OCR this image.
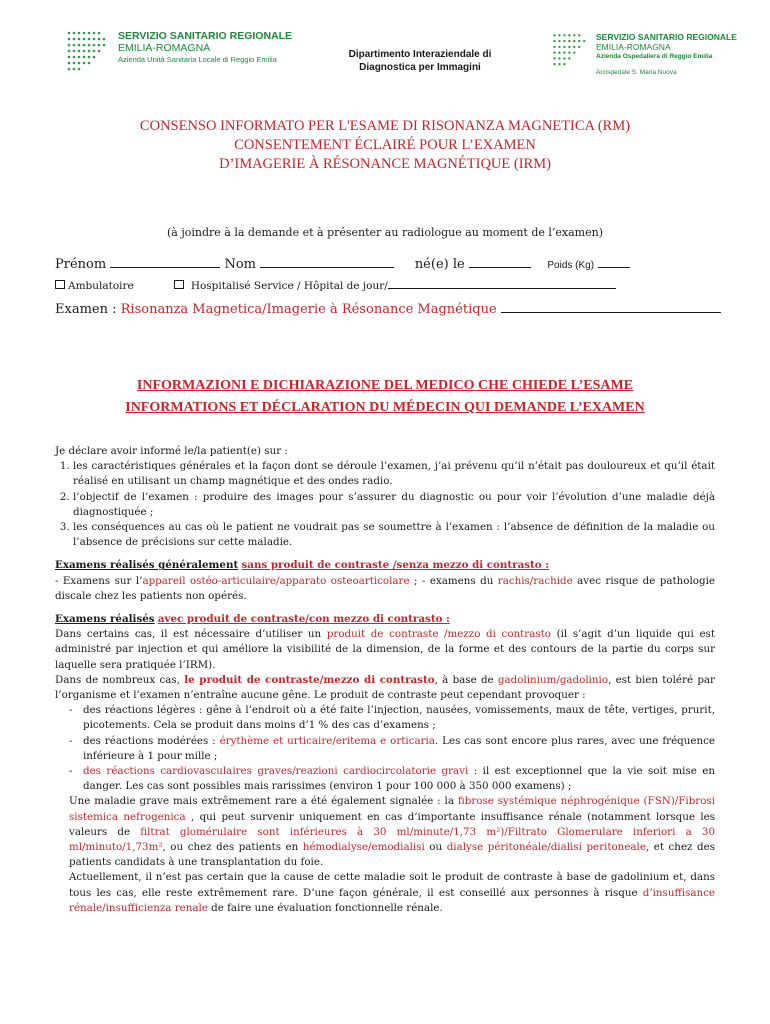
SERVIZIO SANITARIO REGIONALE
EMILIA-ROMAGNA
Azienda Unità Sanitaria Locale di Reggio Emilia	Dipartimento Interaziendale di
Diagnostica per Immagini
SERVIZIO SANITARIO REGIONALE
EMILIA-ROMAGNA
Azienda Ospedaliera di Reggio Emilia
Arcispedale S. Maria Nuova
CONSENSO INFORMATO PER L'ESAME DI RISONANZA MAGNETICA (RM)
CONSENTEMENT ÉCLAIRÉ POUR L’EXAMEN
D’IMAGERIE À RÉSONANCE MAGNÉTIQUE (IRM)
(à joindre à la demande et à présenter au radiologue au moment de l’examen)
Prénom	Nom	né(e) le	Poids (Kg)
Ambulatoire	Hospitalisé Service / Hôpital de jour/
Examen : Risonanza Magnetica/Imagerie à Résonance Magnétique
INFORMAZIONI E DICHIARAZIONE DEL MEDICO CHE CHIEDE L’ESAME
INFORMATIONS ET DÉCLARATION DU MÉDECIN QUI DEMANDE L’EXAMEN

Je déclare avoir informé le/la patient(e) sur :

1. les caractéristiques générales et la façon dont se déroule l’examen, j’ai prévenu qu’il n’était pas douloureux et qu’il était réalisé en utilisant un champ magnétique et des ondes radio.
2. l’objectif de l’examen : produire des images pour s’assurer du diagnostic ou pour voir l’évolution d’une maladie déjà diagnostiquée ;
3. les conséquences au cas où le patient ne voudrait pas se soumettre à l’examen : l’absence de définition de la maladie ou l’absence de précisions sur cette maladie.

Examens réalisés généralement sans produit de contraste /senza mezzo di contrasto :

- Examens sur l’appareil ostéo-articulaire/apparato osteoarticolare ; - examens du rachis/rachide avec risque de pathologie discale chez les patients non opérés.

Examens réalisés avec produit de contraste/con mezzo di contrasto :

Dans certains cas, il est nécessaire d’utiliser un produit de contraste /mezzo di contrasto (il s’agit d’un liquide qui est administré par injection et qui améliore la visibilité de la dimension, de la forme et des contours de la partie du corps sur laquelle sera pratiquée l’IRM).

Dans de nombreux cas, le produit de contraste/mezzo di contrasto, à base de gadolinium/gadolinio, est bien toléré par l’organisme et l’examen n’entraîne aucune gêne. Le produit de contraste peut cependant provoquer :

- des réactions légères : gêne à l’endroit où a été faite l’injection, nausées, vomissements, maux de tête, vertiges, prurit, picotements. Cela se produit dans moins d’1 % des cas d’examens ;
- des réactions modérées : érythème et urticaire/eritema e orticaria. Les cas sont encore plus rares, avec une fréquence inférieure à 1 pour mille ;
- des réactions cardiovasculaires graves/reazioni cardiocircolatorie gravi : il est exceptionnel que la vie soit mise en danger. Les cas sont possibles mais rarissimes (environ 1 pour 100 000 à 350 000 examens) ;

Une maladie grave mais extrêmement rare a été également signalée : la fibrose systémique néphrogénique (FSN)/Fibrosi sistemica nefrogenica , qui peut survenir uniquement en cas d’importante insuffisance rénale (notamment lorsque les valeurs de filtrat glomérulaire sont inférieures à 30 ml/minute/1,73 m²)/Filtrato Glomerulare inferiori a 30 ml/minuto/1,73m², ou chez des patients en hémodialyse/emodialisi ou dialyse péritonéale/dialisi peritoneale, et chez des patients candidats à une transplantation du foie.

Actuellement, il n’est pas certain que la cause de cette maladie soit le produit de contraste à base de gadolinium et, dans tous les cas, elle reste extrêmement rare. D’une façon générale, il est conseillé aux personnes à risque d’insuffisance rénale/insufficienza renale de faire une évaluation fonctionnelle rénale.
